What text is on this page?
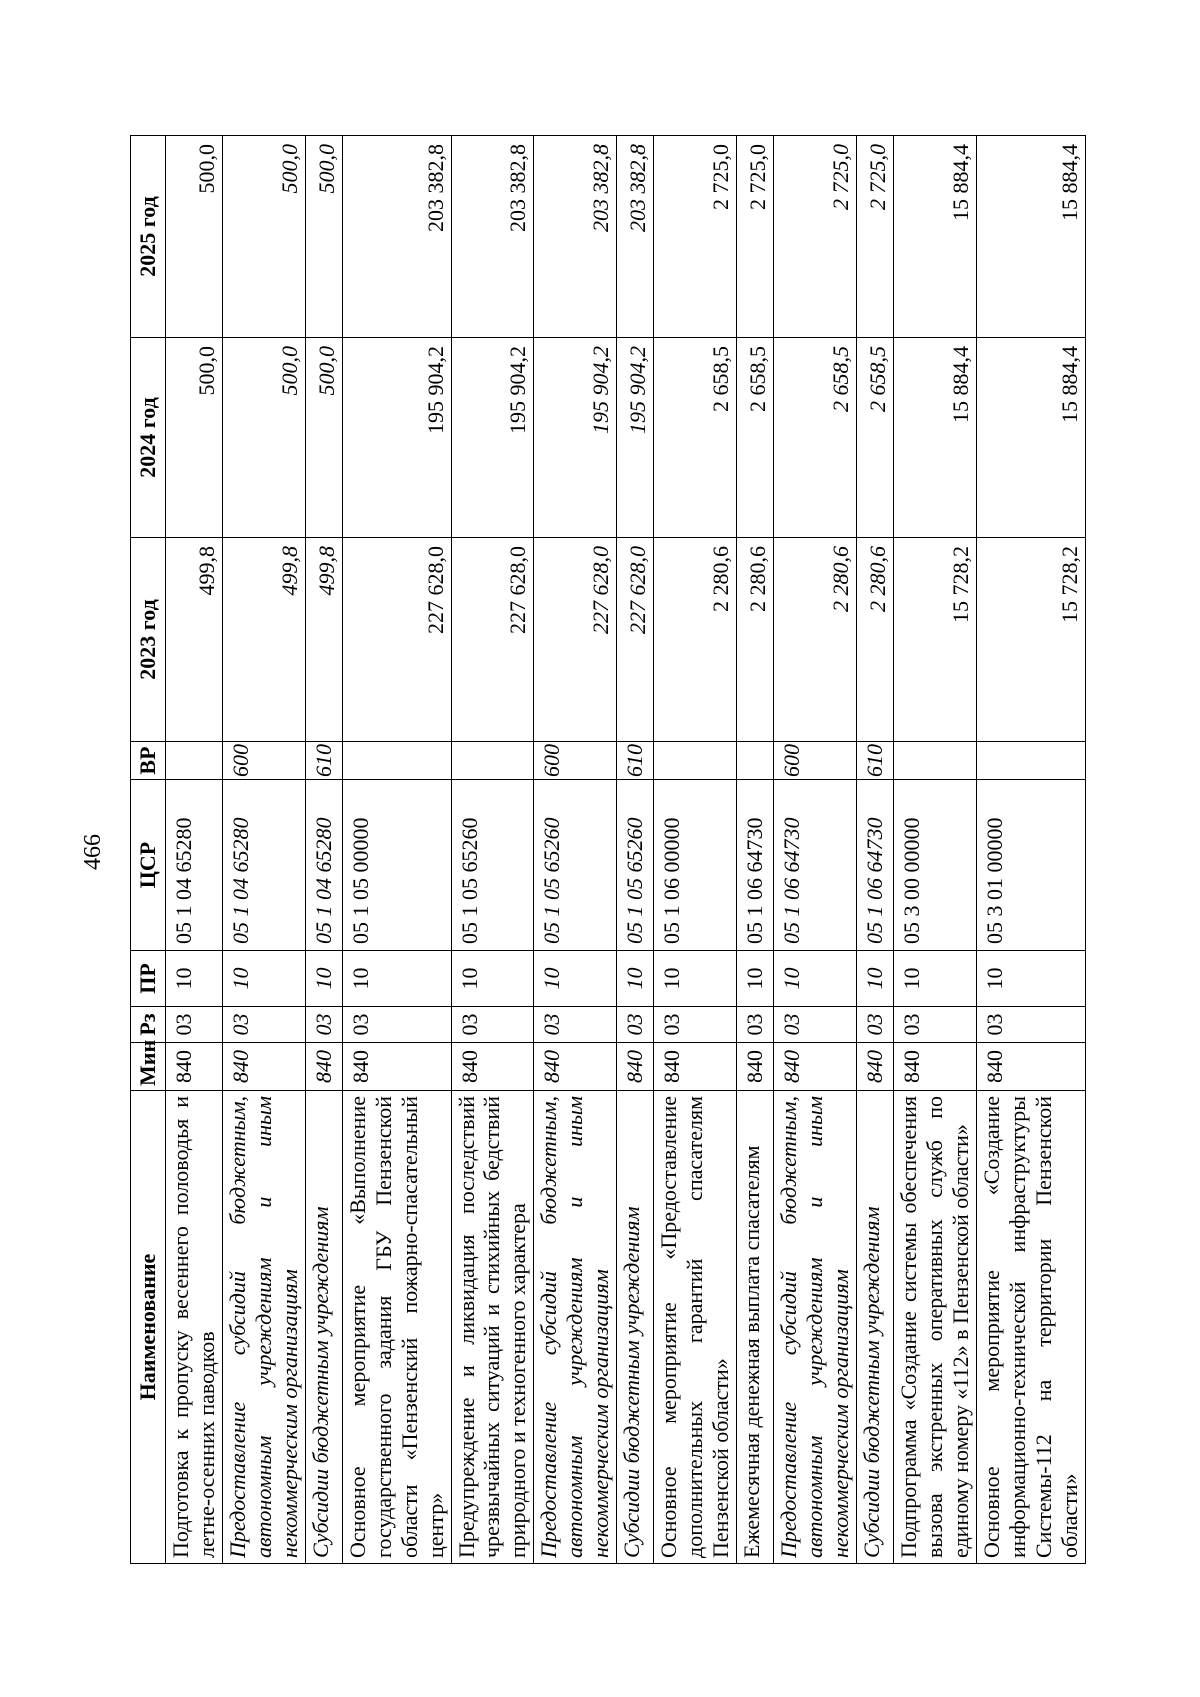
466
Наименование	Мин	Рз	ПР	ЦСР	ВР	2023 год	2024 год	2025 год
Подготовка к пропуску весеннего половодья и летне-осенних паводков	840	03	10	05 1 04 65280		499,8	500,0	500,0
Предоставление субсидий бюджетным, автономным учреждениям и иным некоммерческим организациям	840	03	10	05 1 04 65280	600	499,8	500,0	500,0
Субсидии бюджетным учреждениям	840	03	10	05 1 04 65280	610	499,8	500,0	500,0
Основное мероприятие «Выполнение государственного задания ГБУ Пензенской области «Пензенский пожарно-спасательный центр»	840	03	10	05 1 05 00000		227 628,0	195 904,2	203 382,8
Предупреждение и ликвидация последствий чрезвычайных ситуаций и стихийных бедствий природного и техногенного характера	840	03	10	05 1 05 65260		227 628,0	195 904,2	203 382,8
Предоставление субсидий бюджетным, автономным учреждениям и иным некоммерческим организациям	840	03	10	05 1 05 65260	600	227 628,0	195 904,2	203 382,8
Субсидии бюджетным учреждениям	840	03	10	05 1 05 65260	610	227 628,0	195 904,2	203 382,8
Основное мероприятие «Предоставление дополнительных гарантий спасателям Пензенской области»	840	03	10	05 1 06 00000		2 280,6	2 658,5	2 725,0
Ежемесячная денежная выплата спасателям	840	03	10	05 1 06 64730		2 280,6	2 658,5	2 725,0
Предоставление субсидий бюджетным, автономным учреждениям и иным некоммерческим организациям	840	03	10	05 1 06 64730	600	2 280,6	2 658,5	2 725,0
Субсидии бюджетным учреждениям	840	03	10	05 1 06 64730	610	2 280,6	2 658,5	2 725,0
Подпрограмма «Создание системы обеспечения вызова экстренных оперативных служб по единому номеру «112» в Пензенской области»	840	03	10	05 3 00 00000		15 728,2	15 884,4	15 884,4
Основное мероприятие «Создание информационно-технической инфраструктуры Системы-112 на территории Пензенской области»	840	03	10	05 3 01 00000		15 728,2	15 884,4	15 884,4
